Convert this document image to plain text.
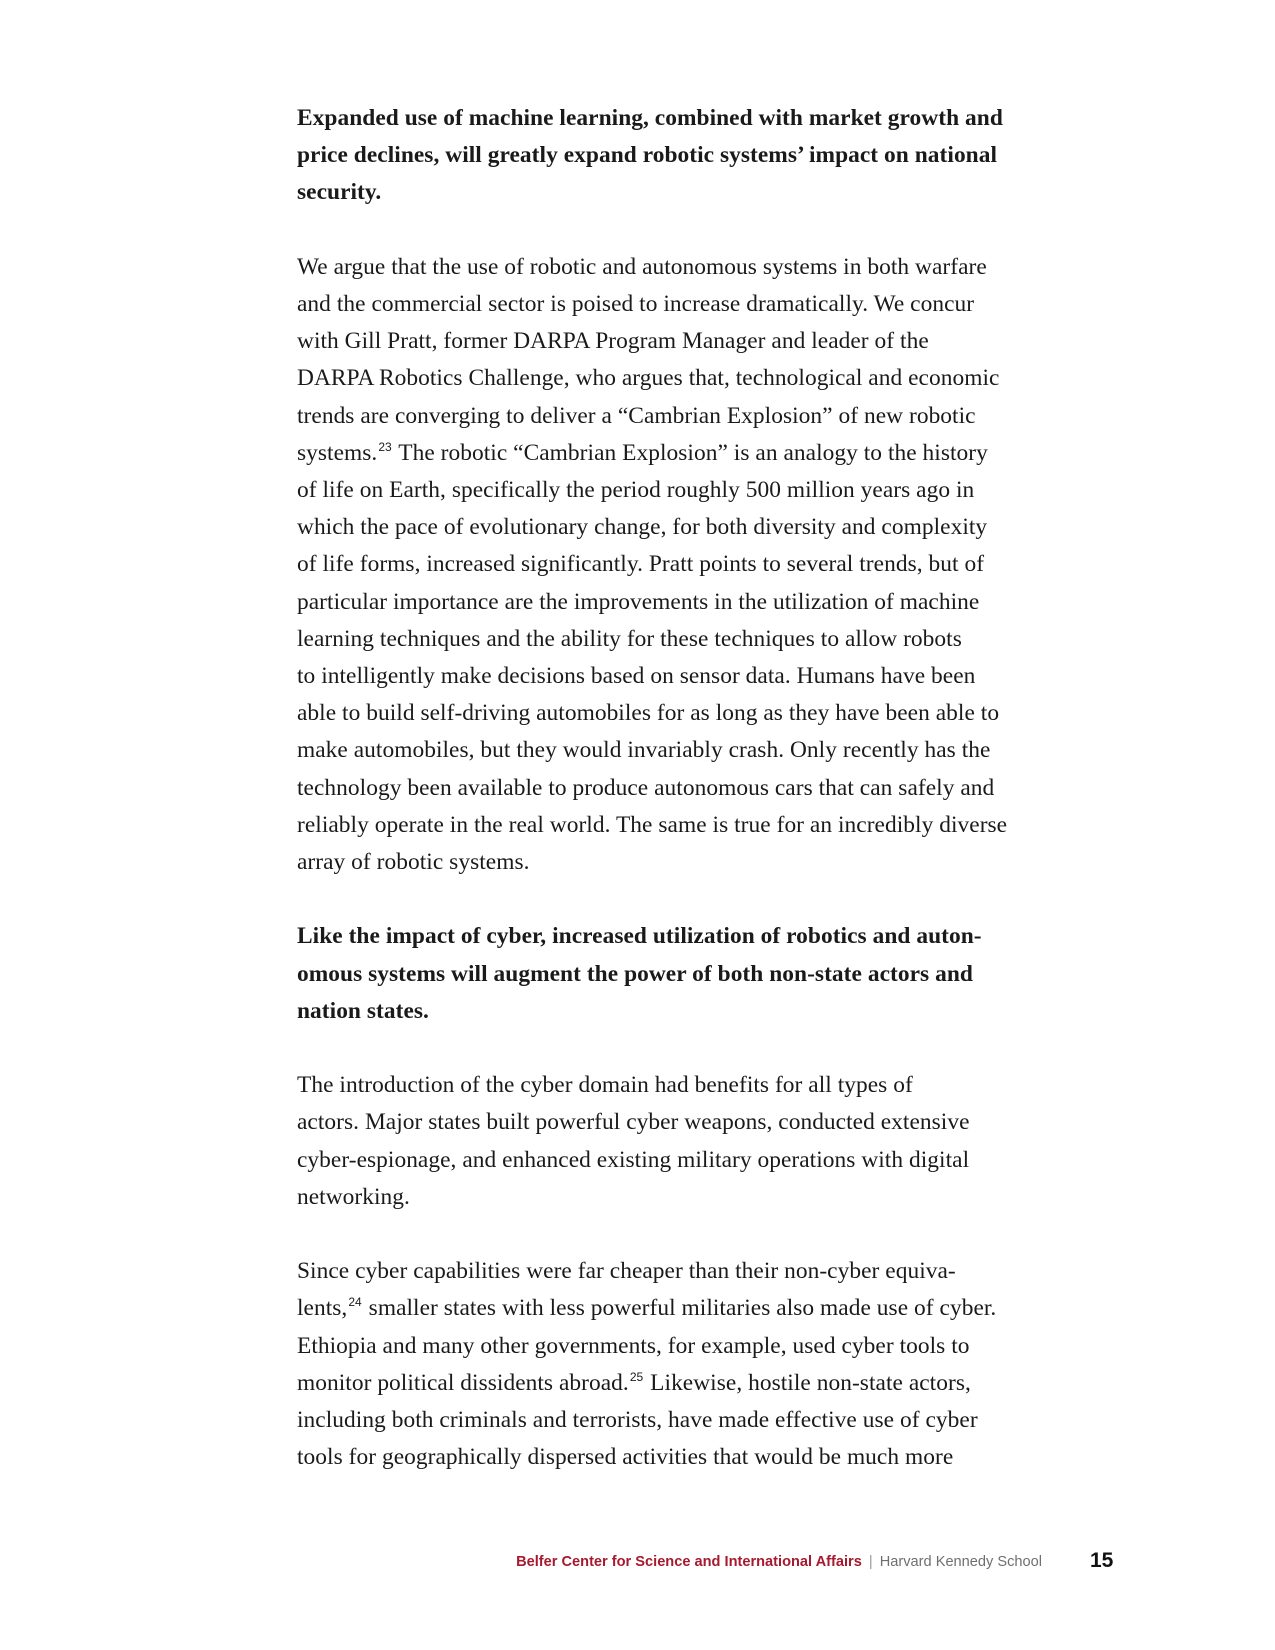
Expanded use of machine learning, combined with market growth and
price declines, will greatly expand robotic systems’ impact on national
security.

We argue that the use of robotic and autonomous systems in both warfare
and the commercial sector is poised to increase dramatically. We concur
with Gill Pratt, former DARPA Program Manager and leader of the
DARPA Robotics Challenge, who argues that, technological and economic
trends are converging to deliver a “Cambrian Explosion” of new robotic
systems.$^{23}$ The robotic “Cambrian Explosion” is an analogy to the history
of life on Earth, specifically the period roughly 500 million years ago in
which the pace of evolutionary change, for both diversity and complexity
of life forms, increased significantly. Pratt points to several trends, but of
particular importance are the improvements in the utilization of machine
learning techniques and the ability for these techniques to allow robots
to intelligently make decisions based on sensor data. Humans have been
able to build self-driving automobiles for as long as they have been able to
make automobiles, but they would invariably crash. Only recently has the
technology been available to produce autonomous cars that can safely and
reliably operate in the real world. The same is true for an incredibly diverse
array of robotic systems.

Like the impact of cyber, increased utilization of robotics and auton-
omous systems will augment the power of both non-state actors and
nation states.

The introduction of the cyber domain had benefits for all types of
actors. Major states built powerful cyber weapons, conducted extensive
cyber-espionage, and enhanced existing military operations with digital
networking.

Since cyber capabilities were far cheaper than their non-cyber equiva-
lents,$^{24}$ smaller states with less powerful militaries also made use of cyber.
Ethiopia and many other governments, for example, used cyber tools to
monitor political dissidents abroad.$^{25}$ Likewise, hostile non-state actors,
including both criminals and terrorists, have made effective use of cyber
tools for geographically dispersed activities that would be much more

Belfer Center for Science and International Affairs | Harvard Kennedy School 15
